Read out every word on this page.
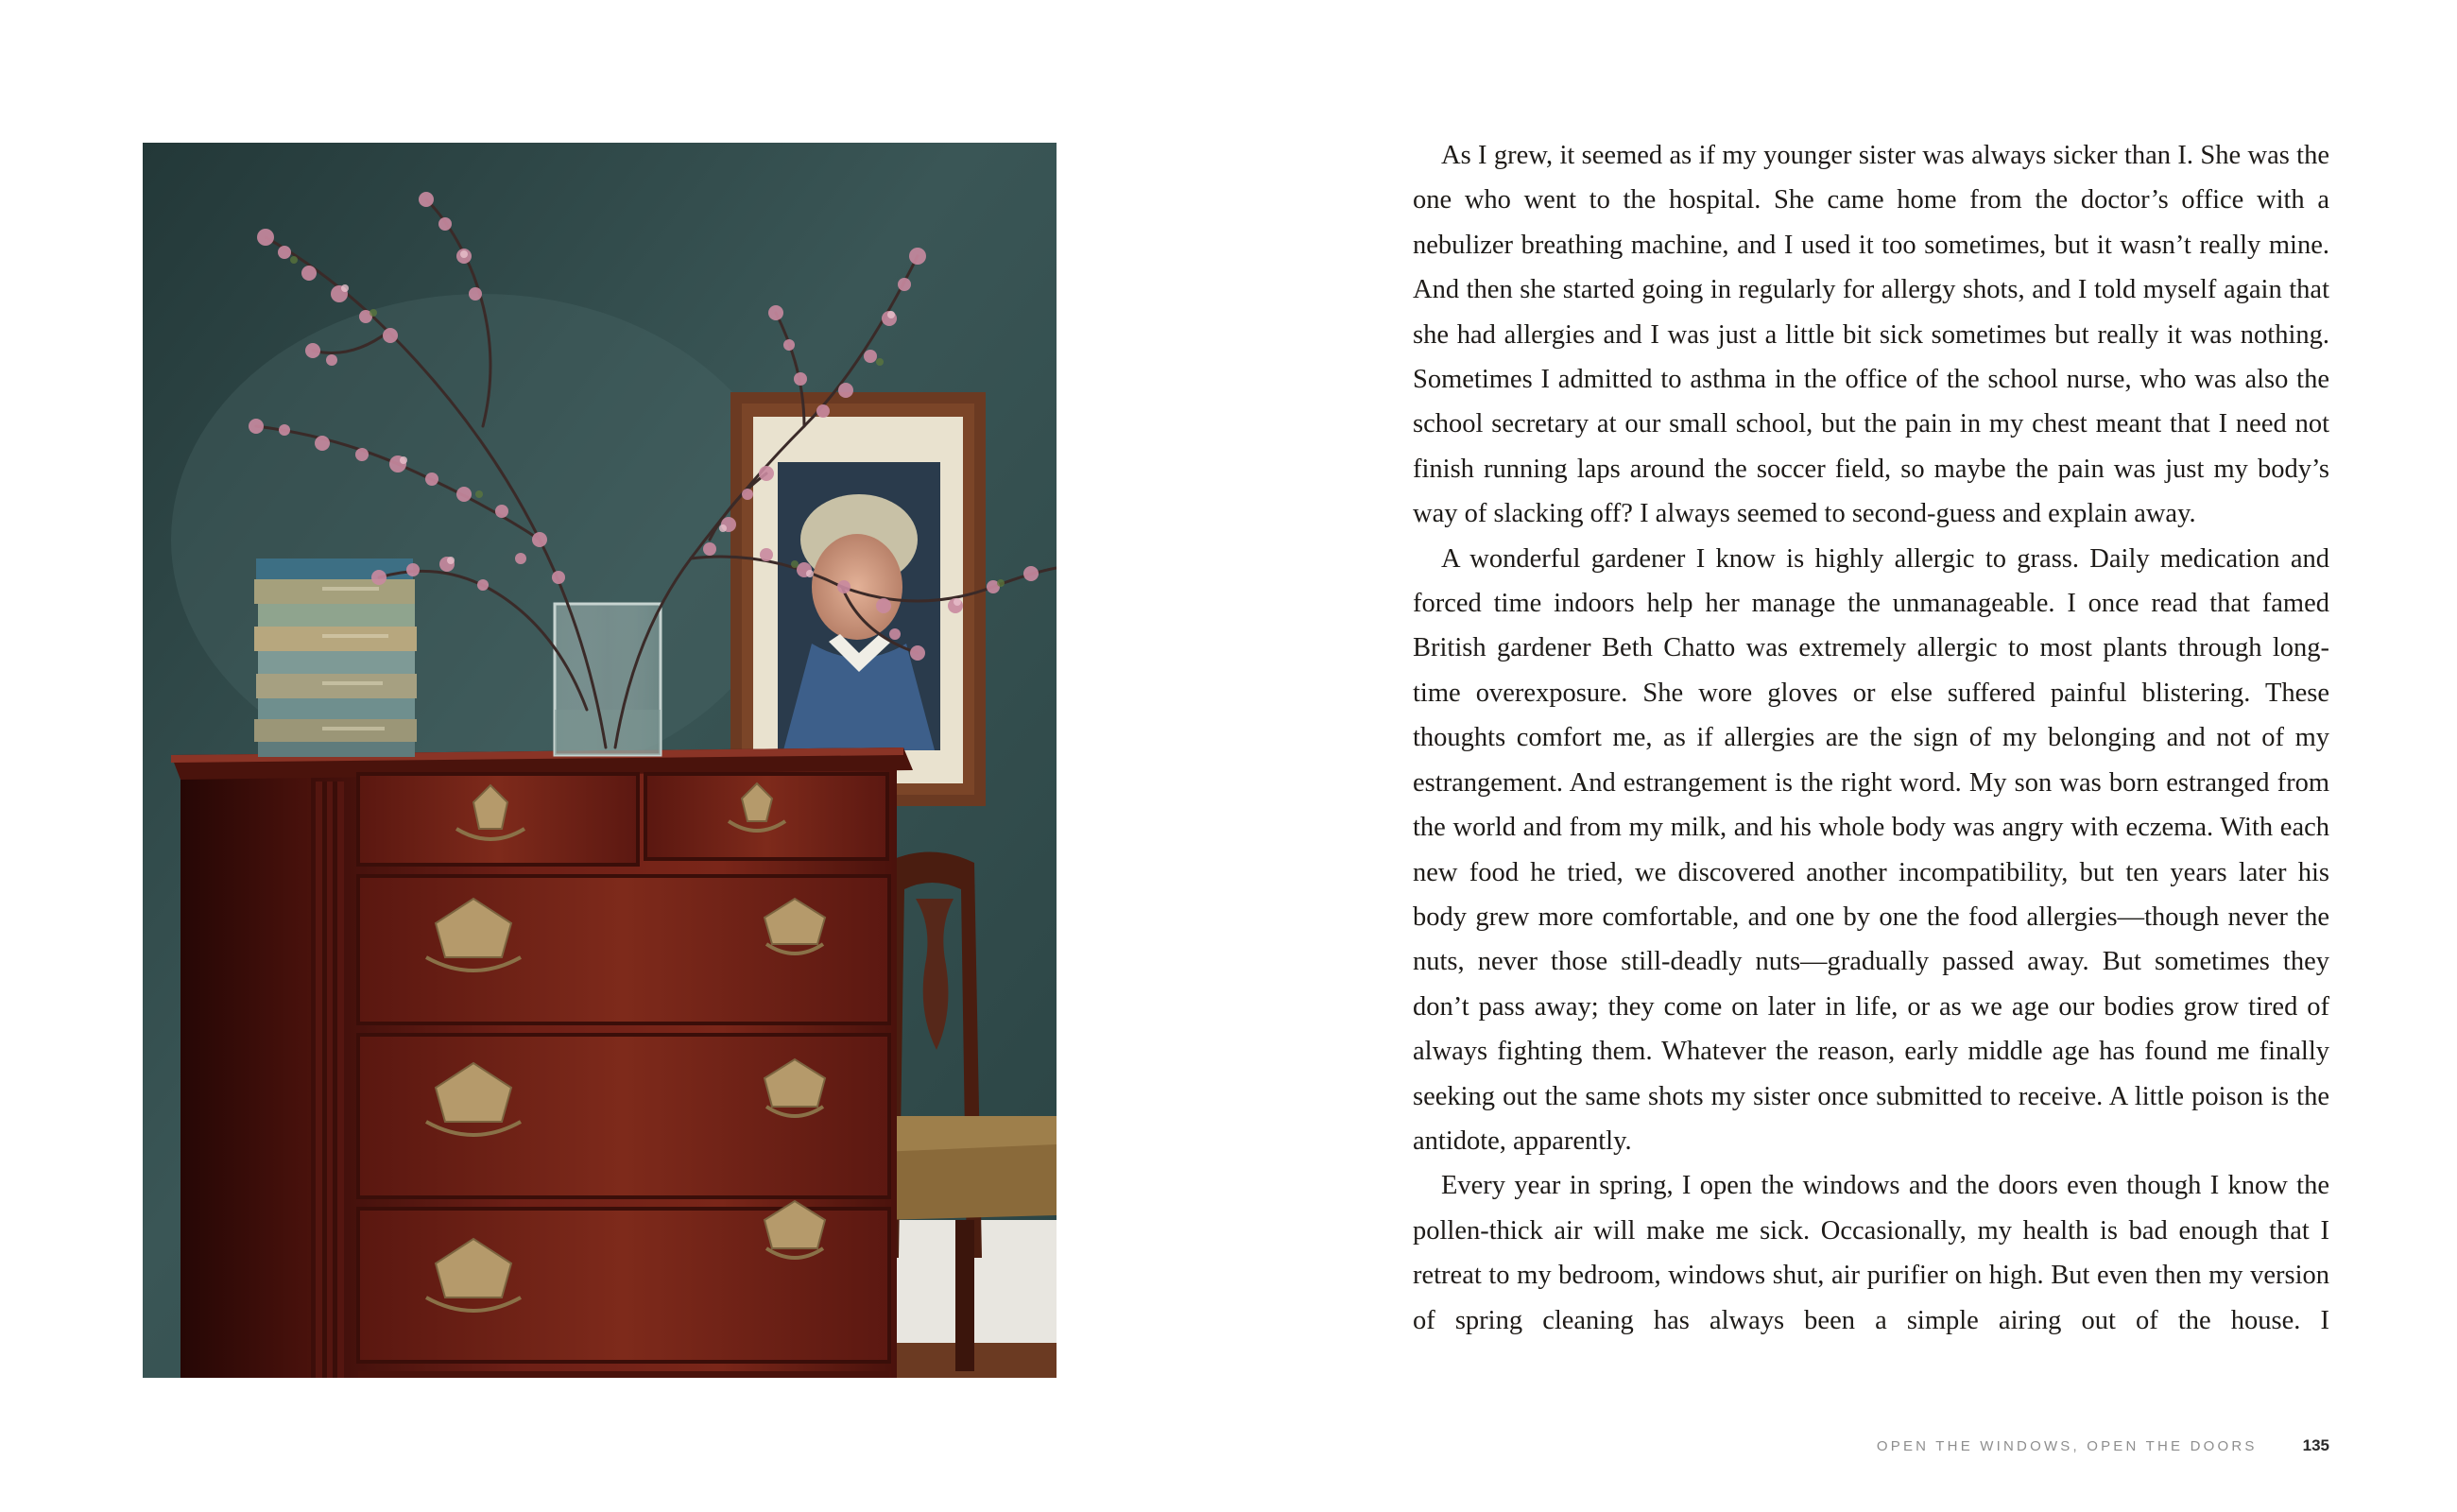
As I grew, it seemed as if my younger sister was always sicker than I. She was the one who went to the hospital. She came home from the doctor’s office with a nebulizer breathing machine, and I used it too sometimes, but it wasn’t really mine. And then she started going in regularly for allergy shots, and I told myself again that she had allergies and I was just a little bit sick sometimes but really it was nothing. Sometimes I admitted to asthma in the office of the school nurse, who was also the school secretary at our small school, but the pain in my chest meant that I need not finish running laps around the soccer field, so maybe the pain was just my body’s way of slacking off? I always seemed to second-guess and explain away.

A wonderful gardener I know is highly allergic to grass. Daily medication and forced time indoors help her manage the unmanageable. I once read that famed British gardener Beth Chatto was extremely allergic to most plants through long-time overexposure. She wore gloves or else suffered painful blistering. These thoughts comfort me, as if allergies are the sign of my belonging and not of my estrangement. And estrangement is the right word. My son was born estranged from the world and from my milk, and his whole body was angry with eczema. With each new food he tried, we discovered another incompatibility, but ten years later his body grew more comfortable, and one by one the food allergies—though never the nuts, never those still-deadly nuts—gradually passed away. But sometimes they don’t pass away; they come on later in life, or as we age our bodies grow tired of always fighting them. Whatever the reason, early middle age has found me finally seeking out the same shots my sister once submitted to receive. A little poison is the antidote, apparently.

Every year in spring, I open the windows and the doors even though I know the pollen-thick air will make me sick. Occasionally, my health is bad enough that I retreat to my bedroom, windows shut, air purifier on high. But even then my version of spring cleaning has always been a simple airing out of the house. I

OPEN THE WINDOWS, OPEN THE DOORS	135
